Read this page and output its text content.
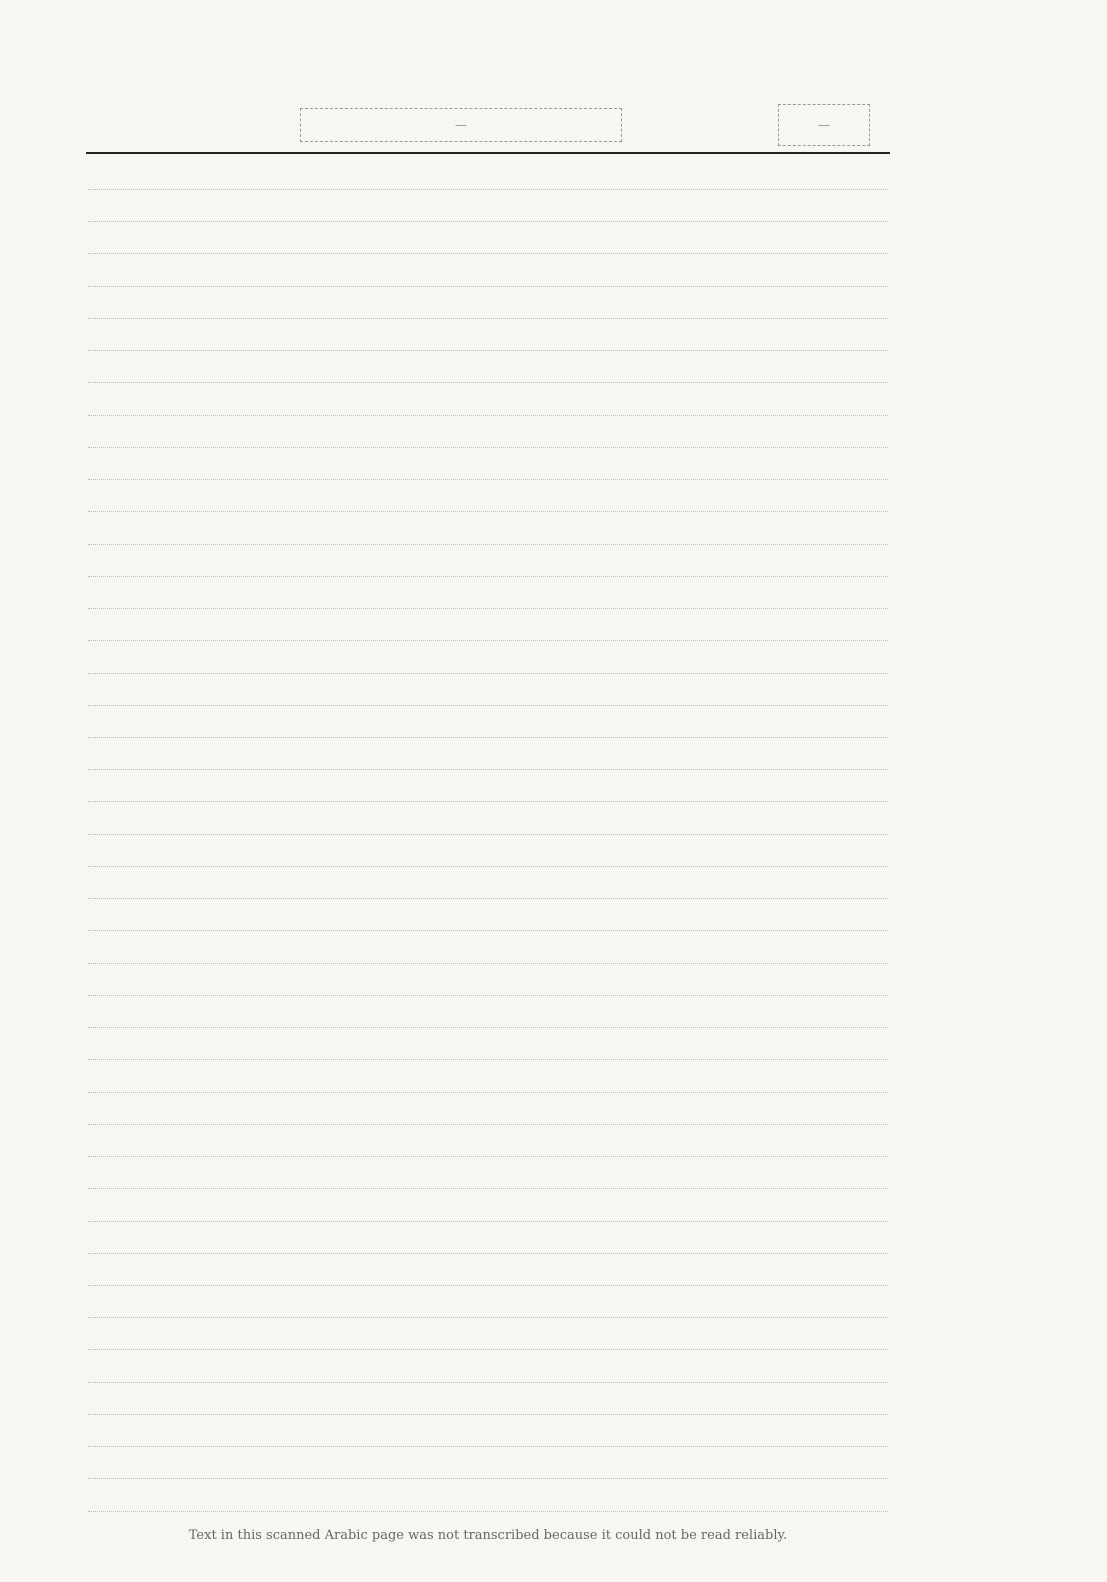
—
—
Text in this scanned Arabic page was not transcribed because it could not be read reliably.
